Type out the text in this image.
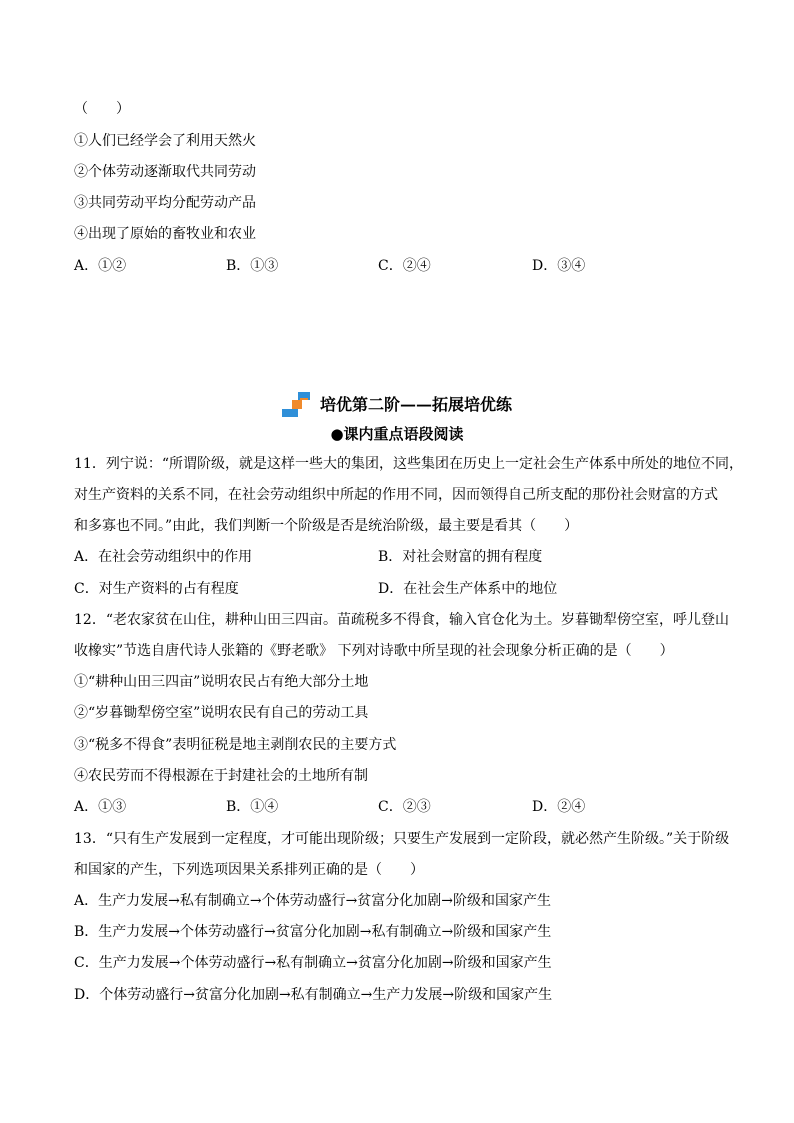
（　　）
①人们已经学会了利用天然火
②个体劳动逐渐取代共同劳动
③共同劳动平均分配劳动产品
④出现了原始的畜牧业和农业
A．①②	B．①③	C．②④	D．③④
培优第二阶——拓展培优练
●课内重点语段阅读
11．列宁说：“所谓阶级，就是这样一些大的集团，这些集团在历史上一定社会生产体系中所处的地位不同，
对生产资料的关系不同，在社会劳动组织中所起的作用不同，因而领得自己所支配的那份社会财富的方式
和多寡也不同。”由此，我们判断一个阶级是否是统治阶级，最主要是看其（　　）
A．在社会劳动组织中的作用	B．对社会财富的拥有程度
C．对生产资料的占有程度	D．在社会生产体系中的地位
12．“老农家贫在山住，耕种山田三四亩。苗疏税多不得食，输入官仓化为土。岁暮锄犁傍空室，呼儿登山
收橡实”节选自唐代诗人张籍的《野老歌》 下列对诗歌中所呈现的社会现象分析正确的是（　　）
①“耕种山田三四亩”说明农民占有绝大部分土地
②“岁暮锄犁傍空室”说明农民有自己的劳动工具
③“税多不得食”表明征税是地主剥削农民的主要方式
④农民劳而不得根源在于封建社会的土地所有制
A．①③	B．①④	C．②③	D．②④
13．“只有生产发展到一定程度，才可能出现阶级；只要生产发展到一定阶段，就必然产生阶级。”关于阶级
和国家的产生，下列选项因果关系排列正确的是（　　）
A．生产力发展→私有制确立→个体劳动盛行→贫富分化加剧→阶级和国家产生
B．生产力发展→个体劳动盛行→贫富分化加剧→私有制确立→阶级和国家产生
C．生产力发展→个体劳动盛行→私有制确立→贫富分化加剧→阶级和国家产生
D．个体劳动盛行→贫富分化加剧→私有制确立→生产力发展→阶级和国家产生
